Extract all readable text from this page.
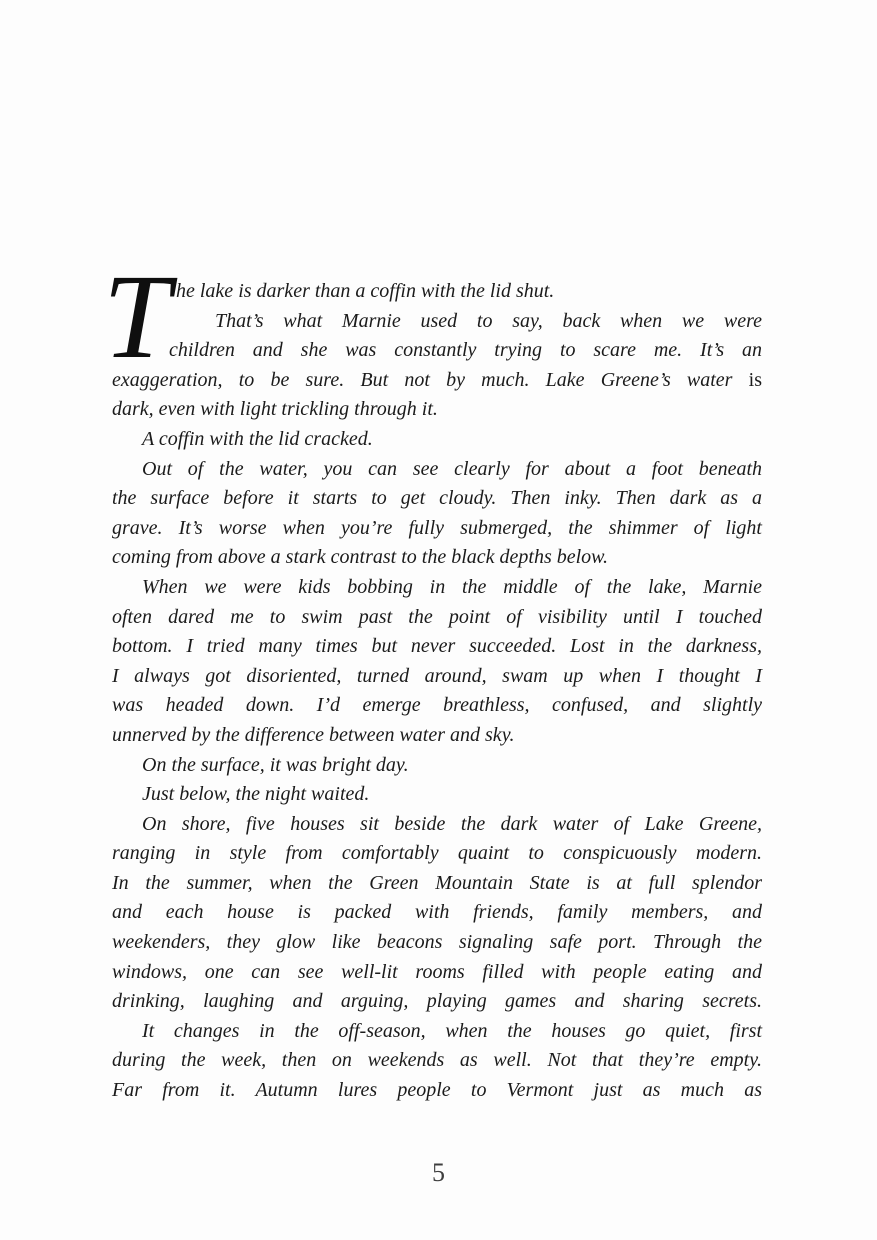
T he lake is darker than a coffin with the lid shut.
That’s what Marnie used to say, back when we were
children and she was constantly trying to scare me. It’s an
exaggeration, to be sure. But not by much. Lake Greene’s water is
dark, even with light trickling through it.
A coffin with the lid cracked.
Out of the water, you can see clearly for about a foot beneath
the surface before it starts to get cloudy. Then inky. Then dark as a
grave. It’s worse when you’re fully submerged, the shimmer of light
coming from above a stark contrast to the black depths below.
When we were kids bobbing in the middle of the lake, Marnie
often dared me to swim past the point of visibility until I touched
bottom. I tried many times but never succeeded. Lost in the darkness,
I always got disoriented, turned around, swam up when I thought I
was headed down. I’d emerge breathless, confused, and slightly
unnerved by the difference between water and sky.
On the surface, it was bright day.
Just below, the night waited.
On shore, five houses sit beside the dark water of Lake Greene,
ranging in style from comfortably quaint to conspicuously modern.
In the summer, when the Green Mountain State is at full splendor
and each house is packed with friends, family members, and
weekenders, they glow like beacons signaling safe port. Through the
windows, one can see well-lit rooms filled with people eating and
drinking, laughing and arguing, playing games and sharing secrets.
It changes in the off-season, when the houses go quiet, first
during the week, then on weekends as well. Not that they’re empty.
Far from it. Autumn lures people to Vermont just as much as
5
